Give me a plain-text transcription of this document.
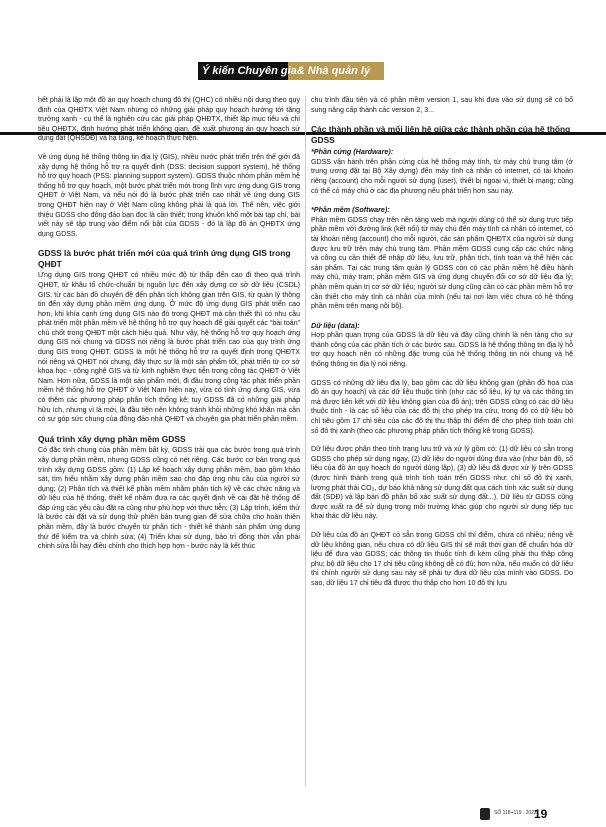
Ý kiến Chuyên gia& Nhà quản lý

hết phải là lập một đồ án quy hoạch chung đô thị (QHC) có nhiều nội dung theo quy định của QHĐTX Việt Nam nhưng có những giải pháp quy hoạch hướng tới tăng trưởng xanh - cụ thể là nghiên cứu các giải pháp QHĐTX, thiết lập mục tiêu và chỉ tiêu QHĐTX, định hướng phát triển không gian, đề xuất phương án quy hoạch sử dụng đất (QHSDĐ) và hạ tầng, kế hoạch thực hiện.

Về ứng dụng hệ thống thông tin địa lý (GIS), nhiều nước phát triển trên thế giới đã xây dựng hệ thống hỗ trợ ra quyết định (DSS: decision support system), hệ thống hỗ trợ quy hoạch (PSS: planning support system). GDSS thuộc nhóm phần mềm hệ thống hỗ trợ quy hoạch, một bước phát triển mới trong lĩnh vực ứng dụng GIS trong QHĐT ở Việt Nam, và nếu nói đó là bước phát triển cao nhất về ứng dụng GIS trong QHĐT hiện nay ở Việt Nam cũng không phải là quá lời. Thế nên, việc giới thiệu GDSS cho đông đảo bạn đọc là cần thiết; trong khuôn khổ một bài tạp chí, bài viết này sẽ tập trung vào điểm nổi bật của GDSS - đó là lập đồ án QHĐTX ứng dụng GDSS.

GDSS là bước phát triển mới của quá trình ứng dụng GIS trong QHĐT

Ứng dụng GIS trong QHĐT có nhiều mức độ từ thấp đến cao đi theo quá trình QHĐT, từ khâu tổ chức-chuẩn bị nguồn lực đến xây dựng cơ sở dữ liệu (CSDL) GIS, từ các bản đồ chuyên đề đến phân tích không gian trên GIS, từ quản lý thông tin đến xây dựng phần mềm ứng dụng. Ở mức độ ứng dụng GIS phát triển cao hơn, khi khía cạnh ứng dụng GIS nào đó trong QHĐT mà cần thiết thì có nhu cầu phát triển một phần mềm về hệ thống hỗ trợ quy hoạch để giải quyết các “bài toán” chủ chốt trong QHĐT một cách hiệu quả. Như vậy, hệ thống hỗ trợ quy hoạch ứng dụng GIS nói chung và GDSS nói riêng là bước phát triển cao của quy trình ứng dụng GIS trong QHĐT. GDSS là một hệ thống hỗ trợ ra quyết định trong QHĐTX nói riêng và QHĐT nói chung, đây thực sự là một sản phẩm tốt, phát triển từ cơ sở khoa học - công nghệ GIS và từ kinh nghiệm thực tiễn trong công tác QHĐT ở Việt Nam. Hơn nữa, GDSS là một sản phẩm mới, đi đầu trong công tác phát triển phần mềm hệ thống hỗ trợ QHĐT ở Việt Nam hiện nay, vừa có tính ứng dụng GIS, vừa có thêm các phương pháp phân tích thống kê; tuy GDSS đã có những giải pháp hữu ích, nhưng vì là mới, là đầu tiên nên không tránh khỏi những khó khăn mà cần có sự góp sức chung của đông đảo nhà QHĐT và chuyên gia phát triển phần mềm.

Quá trình xây dựng phần mềm GDSS

Có đặc tính chung của phần mềm bất kỳ, GDSS trải qua các bước trong quá trình xây dựng phần mềm, nhưng GDSS cũng có nét riêng. Các bước cơ bản trong quá trình xây dựng GDSS gồm: (1) Lập kế hoạch xây dựng phần mềm, bao gồm khảo sát, tìm hiểu nhằm xây dựng phần mềm sao cho đáp ứng nhu cầu của người sử dụng; (2) Phân tích và thiết kế phần mềm nhằm phân tích kỹ về các chức năng và dữ liệu của hệ thống, thiết kế nhằm đưa ra các quyết định về cài đặt hệ thống để đáp ứng các yêu cầu đặt ra cũng như phù hợp với thực tiễn; (3) Lập trình, kiểm thử là bước cài đặt và sử dụng thử phiên bản trung gian để sửa chữa cho hoàn thiện phần mềm, đây là bước chuyển từ phân tích - thiết kế thành sản phẩm ứng dụng thử để kiểm tra và chỉnh sửa; (4) Triển khai sử dụng, bảo trì đồng thời vẫn phải chỉnh sửa lỗi hay điều chỉnh cho thích hợp hơn - bước này là kết thúc

chu trình đầu tiên và có phần mềm version 1, sau khi đưa vào sử dụng sẽ có bổ sung nâng cấp thành các version 2, 3...

Các thành phần và mối liên hệ giữa các thành phần của hệ thống GDSS
*Phần cứng (Hardware):

GDSS vận hành trên phần cứng của hệ thống máy tính, từ máy chủ trung tâm (ở trung ương đặt tại Bộ Xây dựng) đến máy tính cá nhân có internet, có tài khoản riêng (account) cho mỗi người sử dụng (user), thiết bị ngoại vi, thiết bị mạng; cũng có thể có máy chủ ở các địa phương nếu phát triển hơn sau này.

*Phần mềm (Software):

Phần mềm GDSS chạy trên nền tảng web mà người dùng có thể sử dụng trực tiếp phần mềm với đường link (kết nối) từ máy chủ đến máy tính cá nhân có internet, có tài khoản riêng (account) cho mỗi người, các sản phẩm QHĐTX của người sử dụng được lưu trữ trên máy chủ trung tâm. Phần mềm GDSS cung cấp các chức năng và công cụ cần thiết để nhập dữ liệu, lưu trữ, phân tích, tính toán và thể hiện các sản phẩm. Tại các trung tâm quản lý GDSS còn có các phần mềm hệ điều hành máy chủ, máy trạm; phần mềm GIS và ứng dụng chuyển đổi cơ sở dữ liệu địa lý; phần mềm quản trị cơ sở dữ liệu; người sử dụng cũng cần có các phần mềm hỗ trợ cần thiết cho máy tính cá nhân của mình (nếu tại nơi làm việc chưa có hệ thống phần mềm trên mạng nội bộ).

Dữ liệu (data):

Hợp phần quan trọng của GDSS là dữ liệu và đây cũng chính là nền tảng cho sự thành công của các phân tích ở các bước sau. GDSS là hệ thống thông tin địa lý hỗ trợ quy hoạch nên có những đặc trưng của hệ thống thông tin nói chung và hệ thống thông tin địa lý nói riêng.

GDSS có những dữ liệu địa lý, bao gồm các dữ liệu không gian (phần đồ họa của đồ án quy hoạch) và các dữ liệu thuộc tính (như các số liệu, ký tự và các thông tin mà được liên kết với dữ liệu không gian của đồ án); trên GDSS cũng có các dữ liệu thuộc tính - là các số liệu của các đô thị cho phép tra cứu, trong đó có dữ liệu bộ chỉ tiêu gồm 17 chỉ tiêu của các đô thị thu thập thí điểm để cho phép tính toán chỉ số đô thị xanh (theo các phương pháp phân tích thống kê trong GDSS).

Dữ liệu được phân theo tính trạng lưu trữ và xử lý gồm có: (1) dữ liệu có sẵn trong GDSS cho phép sử dụng ngay, (2) dữ liệu do người dùng đưa vào (như bản đồ, số liệu của đồ án quy hoạch do người dùng lập), (3) dữ liệu đã được xử lý trên GDSS (được hình thành trong quá trình tính toán trên GDSS như: chỉ số đô thị xanh, lượng phát thải CO₂, dự báo khả năng sử dụng đất qua cách tính xác suất sử dụng đất (SDĐ) và lập bản đồ phân bố xác suất sử dụng đất...). Dữ liệu từ GDSS cũng được xuất ra để sử dụng trong môi trường khác giúp cho người sử dụng tiếp tục khai thác dữ liệu này.

Dữ liệu của đồ án QHĐT có sẵn trong GDSS chỉ thí điểm, chưa có nhiều; riêng về dữ liệu không gian, nếu chưa có dữ liệu GIS thì sẽ mất thời gian để chuẩn hóa dữ liệu để đưa vào GDSS; các thông tin thuộc tính đi kèm cũng phải thu thập công phu; bộ dữ liệu cho 17 chỉ tiêu cũng không dễ có đủ; hơn nữa, nếu muốn có dữ liệu thì chính người sử dụng sau này sẽ phải tự đưa dữ liệu của mình vào GDSS. Do sao, dữ liệu 17 chỉ tiêu đã được thu thập cho hơn 10 đô thị lựu

SỐ 118+119 . 2022
19
